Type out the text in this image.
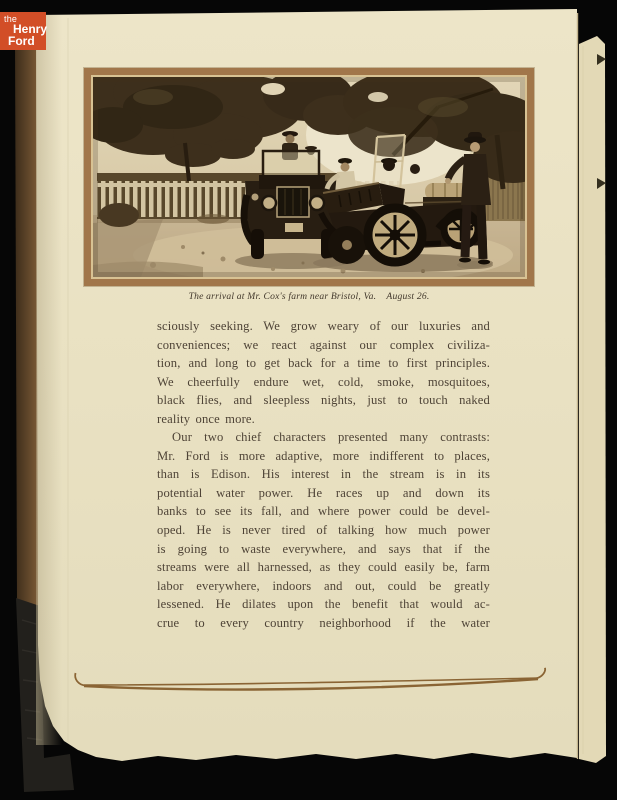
the
Henry
Ford
The arrival at Mr. Cox's farm near Bristol, Va.    August 26.
sciously seeking. We grow weary of our luxuries and
conveniences; we react against our complex civiliza-
tion, and long to get back for a time to first principles.
We cheerfully endure wet, cold, smoke, mosquitoes,
black flies, and sleepless nights, just to touch naked
reality once more.
Our two chief characters presented many contrasts:
Mr. Ford is more adaptive, more indifferent to places,
than is Edison. His interest in the stream is in its
potential water power. He races up and down its
banks to see its fall, and where power could be devel-
oped. He is never tired of talking how much power
is going to waste everywhere, and says that if the
streams were all harnessed, as they could easily be, farm
labor everywhere, indoors and out, could be greatly
lessened. He dilates upon the benefit that would ac-
crue to every country neighborhood if the water
